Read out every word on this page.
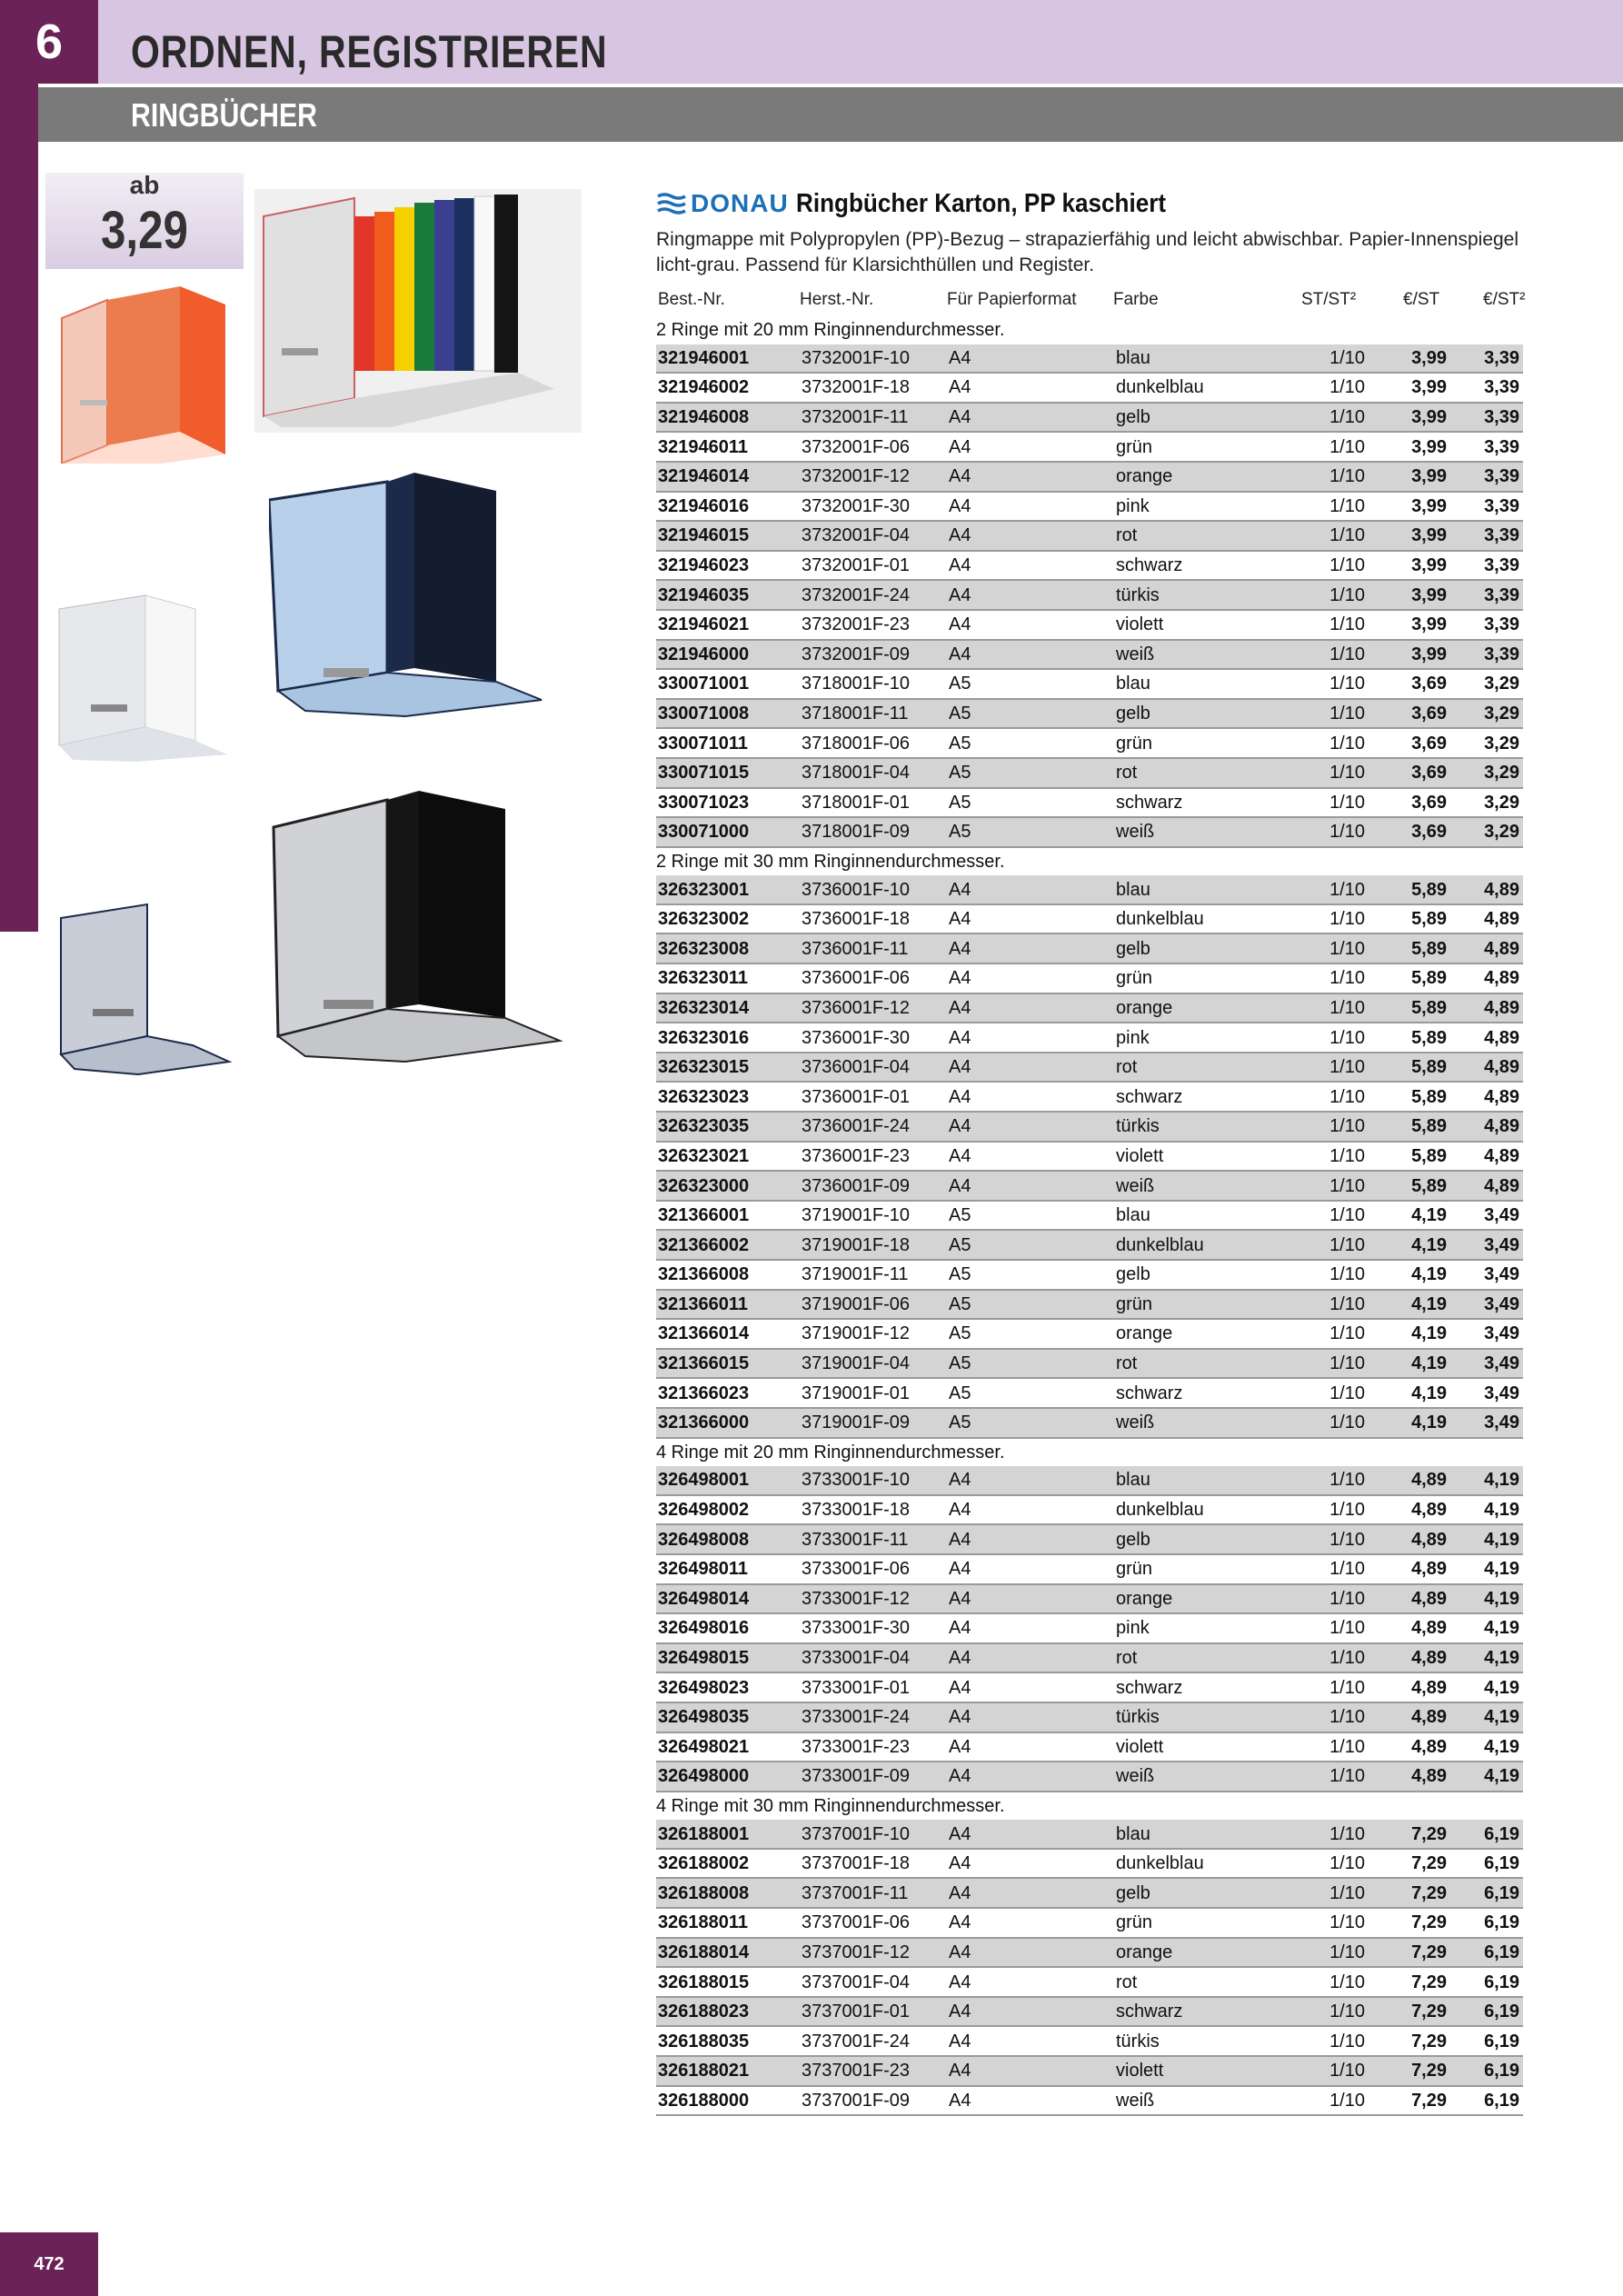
ORDNEN, REGISTRIEREN
6
RINGBÜCHER
ab
3,29	DONAU Ringbücher Karton, PP kaschiert
Ringmappe mit Polypropylen (PP)-Bezug – strapazierfähig und leicht abwischbar. Papier-Innenspiegel licht-grau. Passend für Klarsichthüllen und Register.
Best.-Nr.	Herst.-Nr.	Für Papierformat Farbe	ST/ST²	€/ST	€/ST²
2 Ringe mit 20 mm Ringinnendurchmesser.						
321946001	3732001F-10	A4	blau	1/10	3,99	3,39
321946002	3732001F-18	A4	dunkelblau	1/10	3,99	3,39
321946008	3732001F-11	A4	gelb	1/10	3,99	3,39
321946011	3732001F-06	A4	grün	1/10	3,99	3,39
321946014	3732001F-12	A4	orange	1/10	3,99	3,39
321946016	3732001F-30	A4	pink	1/10	3,99	3,39
321946015	3732001F-04	A4	rot	1/10	3,99	3,39
321946023	3732001F-01	A4	schwarz	1/10	3,99	3,39
321946035	3732001F-24	A4	türkis	1/10	3,99	3,39
321946021	3732001F-23	A4	violett	1/10	3,99	3,39
321946000	3732001F-09	A4	weiß	1/10	3,99	3,39
330071001	3718001F-10	A5	blau	1/10	3,69	3,29
330071008	3718001F-11	A5	gelb	1/10	3,69	3,29
330071011	3718001F-06	A5	grün	1/10	3,69	3,29
330071015	3718001F-04	A5	rot	1/10	3,69	3,29
330071023	3718001F-01	A5	schwarz	1/10	3,69	3,29
330071000	3718001F-09	A5	weiß	1/10	3,69	3,29
2 Ringe mit 30 mm Ringinnendurchmesser.						
326323001	3736001F-10	A4	blau	1/10	5,89	4,89
326323002	3736001F-18	A4	dunkelblau	1/10	5,89	4,89
326323008	3736001F-11	A4	gelb	1/10	5,89	4,89
326323011	3736001F-06	A4	grün	1/10	5,89	4,89
326323014	3736001F-12	A4	orange	1/10	5,89	4,89
326323016	3736001F-30	A4	pink	1/10	5,89	4,89
326323015	3736001F-04	A4	rot	1/10	5,89	4,89
326323023	3736001F-01	A4	schwarz	1/10	5,89	4,89
326323035	3736001F-24	A4	türkis	1/10	5,89	4,89
326323021	3736001F-23	A4	violett	1/10	5,89	4,89
326323000	3736001F-09	A4	weiß	1/10	5,89	4,89
321366001	3719001F-10	A5	blau	1/10	4,19	3,49
321366002	3719001F-18	A5	dunkelblau	1/10	4,19	3,49
321366008	3719001F-11	A5	gelb	1/10	4,19	3,49
321366011	3719001F-06	A5	grün	1/10	4,19	3,49
321366014	3719001F-12	A5	orange	1/10	4,19	3,49
321366015	3719001F-04	A5	rot	1/10	4,19	3,49
321366023	3719001F-01	A5	schwarz	1/10	4,19	3,49
321366000	3719001F-09	A5	weiß	1/10	4,19	3,49
4 Ringe mit 20 mm Ringinnendurchmesser.						
326498001	3733001F-10	A4	blau	1/10	4,89	4,19
326498002	3733001F-18	A4	dunkelblau	1/10	4,89	4,19
326498008	3733001F-11	A4	gelb	1/10	4,89	4,19
326498011	3733001F-06	A4	grün	1/10	4,89	4,19
326498014	3733001F-12	A4	orange	1/10	4,89	4,19
326498016	3733001F-30	A4	pink	1/10	4,89	4,19
326498015	3733001F-04	A4	rot	1/10	4,89	4,19
326498023	3733001F-01	A4	schwarz	1/10	4,89	4,19
326498035	3733001F-24	A4	türkis	1/10	4,89	4,19
326498021	3733001F-23	A4	violett	1/10	4,89	4,19
326498000	3733001F-09	A4	weiß	1/10	4,89	4,19
4 Ringe mit 30 mm Ringinnendurchmesser.						
326188001	3737001F-10	A4	blau	1/10	7,29	6,19
326188002	3737001F-18	A4	dunkelblau	1/10	7,29	6,19
326188008	3737001F-11	A4	gelb	1/10	7,29	6,19
326188011	3737001F-06	A4	grün	1/10	7,29	6,19
326188014	3737001F-12	A4	orange	1/10	7,29	6,19
326188015	3737001F-04	A4	rot	1/10	7,29	6,19
326188023	3737001F-01	A4	schwarz	1/10	7,29	6,19
326188035	3737001F-24	A4	türkis	1/10	7,29	6,19
326188021	3737001F-23	A4	violett	1/10	7,29	6,19
326188000	3737001F-09	A4	weiß	1/10	7,29	6,19
472
